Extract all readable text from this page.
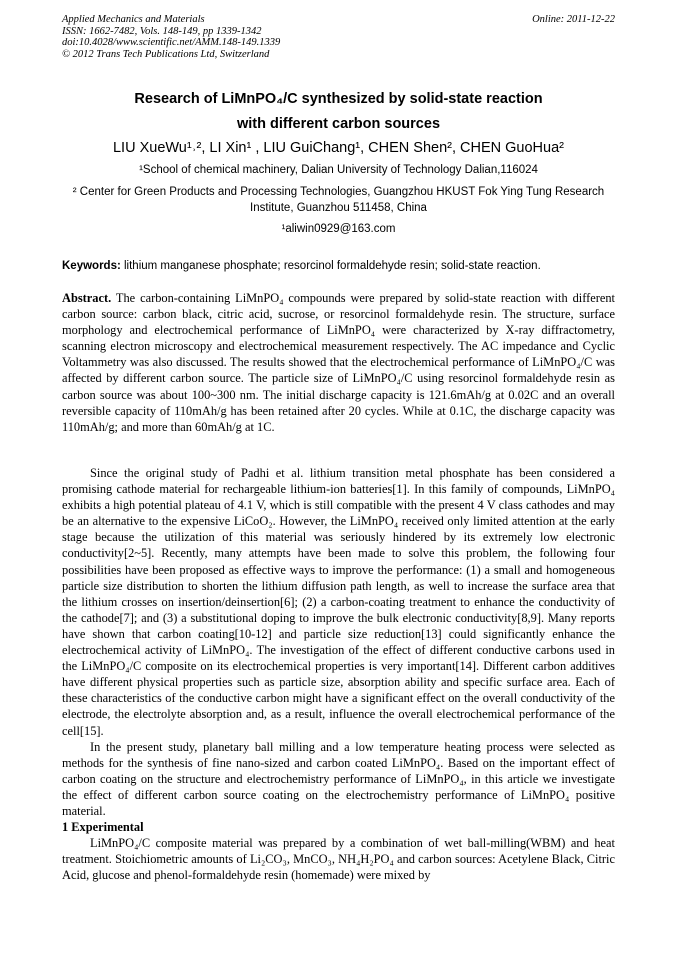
Applied Mechanics and Materials
ISSN: 1662-7482, Vols. 148-149, pp 1339-1342
doi:10.4028/www.scientific.net/AMM.148-149.1339
© 2012 Trans Tech Publications Ltd, Switzerland
Online: 2011-12-22
Research of LiMnPO₄/C synthesized by solid-state reaction
with different carbon sources
LIU XueWu¹˒², LI Xin¹ , LIU GuiChang¹, CHEN Shen², CHEN GuoHua²
¹School of chemical machinery, Dalian University of Technology Dalian,116024
² Center for Green Products and Processing Technologies, Guangzhou HKUST Fok Ying Tung Research Institute, Guanzhou 511458, China
¹aliwin0929@163.com
Keywords: lithium manganese phosphate; resorcinol formaldehyde resin; solid-state reaction.

Abstract. The carbon-containing LiMnPO₄ compounds were prepared by solid-state reaction with different carbon source: carbon black, citric acid, sucrose, or resorcinol formaldehyde resin. The structure, surface morphology and electrochemical performance of LiMnPO₄ were characterized by X-ray diffractometry, scanning electron microscopy and electrochemical measurement respectively. The AC impedance and Cyclic Voltammetry was also discussed. The results showed that the electrochemical performance of LiMnPO₄/C was affected by different carbon source. The particle size of LiMnPO₄/C using resorcinol formaldehyde resin as carbon source was about 100~300 nm. The initial discharge capacity is 121.6mAh/g at 0.02C and an overall reversible capacity of 110mAh/g has been retained after 20 cycles. While at 0.1C, the discharge capacity was 110mAh/g; and more than 60mAh/g at 1C.

Since the original study of Padhi et al. lithium transition metal phosphate has been considered a promising cathode material for rechargeable lithium-ion batteries[1]. In this family of compounds, LiMnPO₄ exhibits a high potential plateau of 4.1 V, which is still compatible with the present 4 V class cathodes and may be an alternative to the expensive LiCoO₂. However, the LiMnPO₄ received only limited attention at the early stage because the utilization of this material was seriously hindered by its extremely low electronic conductivity[2~5]. Recently, many attempts have been made to solve this problem, the following four possibilities have been proposed as effective ways to improve the performance: (1) a small and homogeneous particle size distribution to shorten the lithium diffusion path length, as well to increase the surface area that the lithium crosses on insertion/deinsertion[6]; (2) a carbon-coating treatment to enhance the conductivity of the cathode[7]; and (3) a substitutional doping to improve the bulk electronic conductivity[8,9]. Many reports have shown that carbon coating[10-12] and particle size reduction[13] could significantly enhance the electrochemical activity of LiMnPO₄. The investigation of the effect of different conductive carbons used in the LiMnPO₄/C composite on its electrochemical properties is very important[14]. Different carbon additives have different physical properties such as particle size, absorption ability and specific surface area. Each of these characteristics of the conductive carbon might have a significant effect on the overall conductivity of the electrode, the electrolyte absorption and, as a result, influence the overall electrochemical performance of the cell[15].

In the present study, planetary ball milling and a low temperature heating process were selected as methods for the synthesis of fine nano-sized and carbon coated LiMnPO₄. Based on the important effect of carbon coating on the structure and electrochemistry performance of LiMnPO₄, in this article we investigate the effect of different carbon source coating on the electrochemistry performance of LiMnPO₄ positive material.

1 Experimental

LiMnPO₄/C composite material was prepared by a combination of wet ball-milling(WBM) and heat treatment. Stoichiometric amounts of Li₂CO₃, MnCO₃, NH₄H₂PO₄ and carbon sources: Acetylene Black, Citric Acid, glucose and phenol-formaldehyde resin (homemade) were mixed by
